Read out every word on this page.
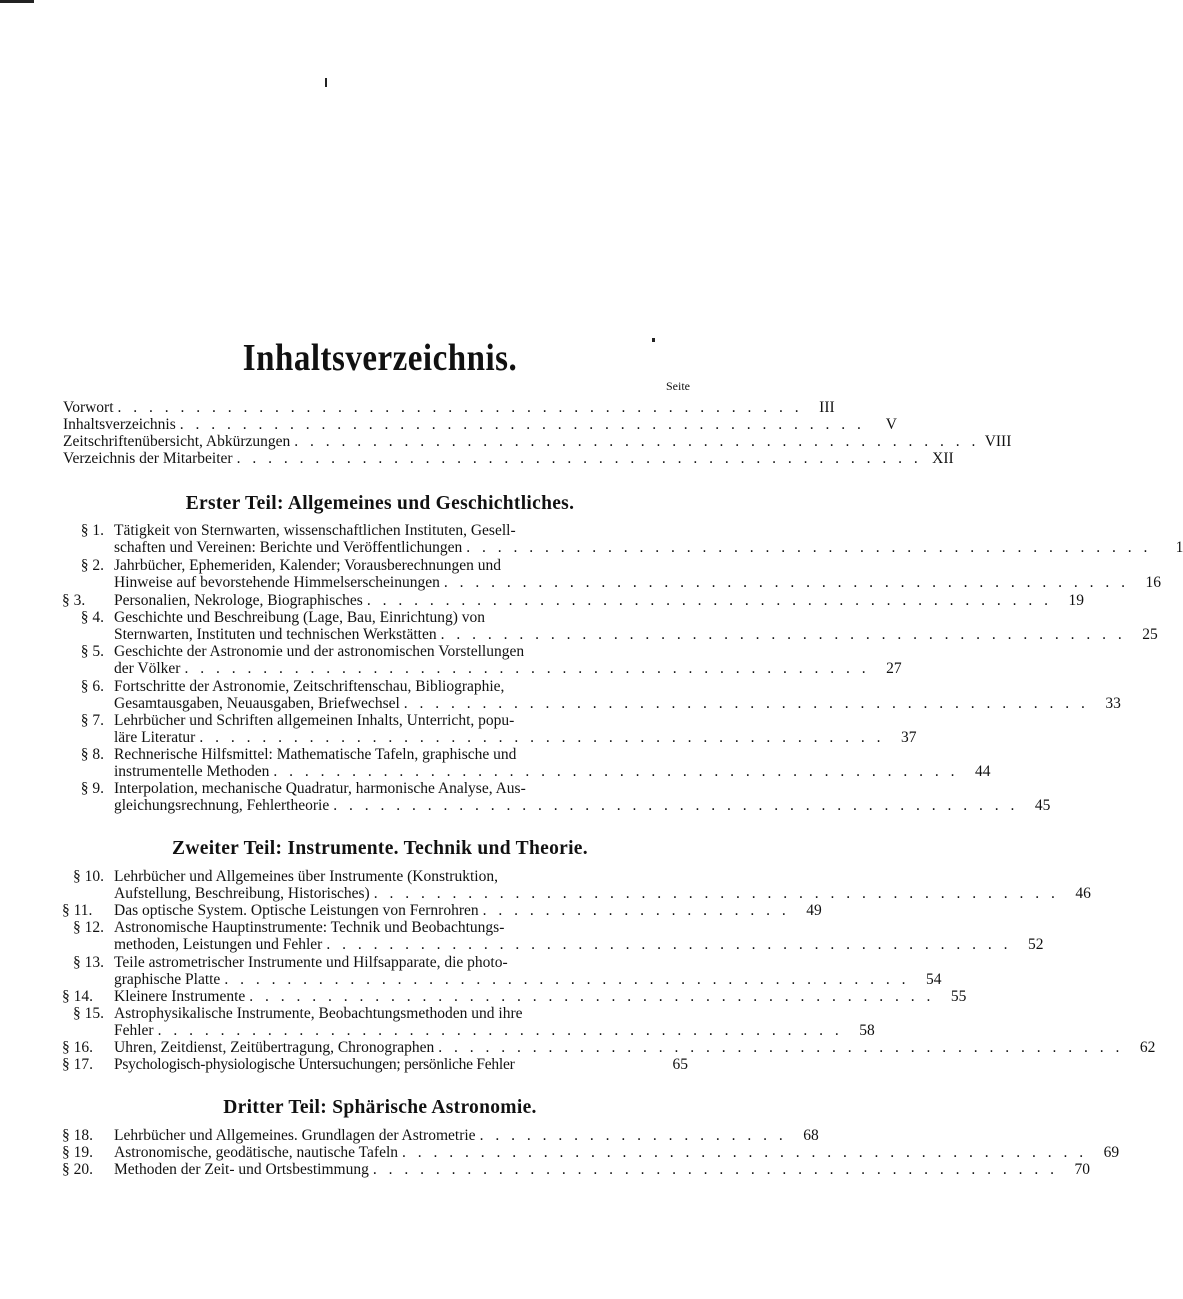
Inhaltsverzeichnis.
Seite
Vorwort . . . . . . . . . . . . . . . . . . . . . . . . . . . . . . . . . . . . . . . . . . . .	III
Inhaltsverzeichnis . . . . . . . . . . . . . . . . . . . . . . . . . . . . . . . . . . . . . . . . . . . .	V
Zeitschriftenübersicht, Abkürzungen . . . . . . . . . . . . . . . . . . . . . . . . . . . . . . . . . . . . . . . . . . . . VIII
Verzeichnis der Mitarbeiter . . . . . . . . . . . . . . . . . . . . . . . . . . . . . . . . . . . . . . . . . . . . XII
Erster Teil: Allgemeines und Geschichtliches.
§ 1. Tätigkeit von Sternwarten, wissenschaftlichen Instituten, Gesell-
schaften und Vereinen: Berichte und Veröffentlichungen . . . . . . . . . . . . . . . . . . . . . . . . . . . . . . . . . . . . . . . . . . . .	1
§ 2. Jahrbücher, Ephemeriden, Kalender; Vorausberechnungen und
Hinweise auf bevorstehende Himmelserscheinungen . . . . . . . . . . . . . . . . . . . . . . . . . . . . . . . . . . . . . . . . . . . .	16
§ 3. Personalien, Nekrologe, Biographisches . . . . . . . . . . . . . . . . . . . . . . . . . . . . . . . . . . . . . . . . . . . .	19
§ 4. Geschichte und Beschreibung (Lage, Bau, Einrichtung) von
Sternwarten, Instituten und technischen Werkstätten . . . . . . . . . . . . . . . . . . . . . . . . . . . . . . . . . . . . . . . . . . . .	25
§ 5. Geschichte der Astronomie und der astronomischen Vorstellungen
der Völker . . . . . . . . . . . . . . . . . . . . . . . . . . . . . . . . . . . . . . . . . . . .	27
§ 6. Fortschritte der Astronomie, Zeitschriftenschau, Bibliographie,
Gesamtausgaben, Neuausgaben, Briefwechsel . . . . . . . . . . . . . . . . . . . . . . . . . . . . . . . . . . . . . . . . . . . .	33
§ 7. Lehrbücher und Schriften allgemeinen Inhalts, Unterricht, popu-
läre Literatur . . . . . . . . . . . . . . . . . . . . . . . . . . . . . . . . . . . . . . . . . . . .	37
§ 8. Rechnerische Hilfsmittel: Mathematische Tafeln, graphische und
instrumentelle Methoden . . . . . . . . . . . . . . . . . . . . . . . . . . . . . . . . . . . . . . . . . . . .	44
§ 9. Interpolation, mechanische Quadratur, harmonische Analyse, Aus-
gleichungsrechnung, Fehlertheorie . . . . . . . . . . . . . . . . . . . . . . . . . . . . . . . . . . . . . . . . . . . .	45
Zweiter Teil: Instrumente. Technik und Theorie.
§ 10. Lehrbücher und Allgemeines über Instrumente (Konstruktion,
Aufstellung, Beschreibung, Historisches) . . . . . . . . . . . . . . . . . . . . . . . . . . . . . . . . . . . . . . . . . . . .	46
§ 11. Das optische System. Optische Leistungen von Fernrohren . . . . . . . . . . . . . . . . . . . .	49
§ 12. Astronomische Hauptinstrumente: Technik und Beobachtungs-
methoden, Leistungen und Fehler . . . . . . . . . . . . . . . . . . . . . . . . . . . . . . . . . . . . . . . . . . . .	52
§ 13. Teile astrometrischer Instrumente und Hilfsapparate, die photo-
graphische Platte . . . . . . . . . . . . . . . . . . . . . . . . . . . . . . . . . . . . . . . . . . . .	54
§ 14. Kleinere Instrumente . . . . . . . . . . . . . . . . . . . . . . . . . . . . . . . . . . . . . . . . . . . .	55
§ 15. Astrophysikalische Instrumente, Beobachtungsmethoden und ihre
Fehler . . . . . . . . . . . . . . . . . . . . . . . . . . . . . . . . . . . . . . . . . . . .	58
§ 16. Uhren, Zeitdienst, Zeitübertragung, Chronographen . . . . . . . . . . . . . . . . . . . . . . . . . . . . . . . . . . . . . . . . . . . .	62
§ 17. Psychologisch-physiologische Untersuchungen; persönliche Fehler	65
Dritter Teil: Sphärische Astronomie.
§ 18. Lehrbücher und Allgemeines. Grundlagen der Astrometrie . . . . . . . . . . . . . . . . . . . .	68
§ 19. Astronomische, geodätische, nautische Tafeln . . . . . . . . . . . . . . . . . . . . . . . . . . . . . . . . . . . . . . . . . . . .	69
§ 20. Methoden der Zeit- und Ortsbestimmung . . . . . . . . . . . . . . . . . . . . . . . . . . . . . . . . . . . . . . . . . . . .	70
